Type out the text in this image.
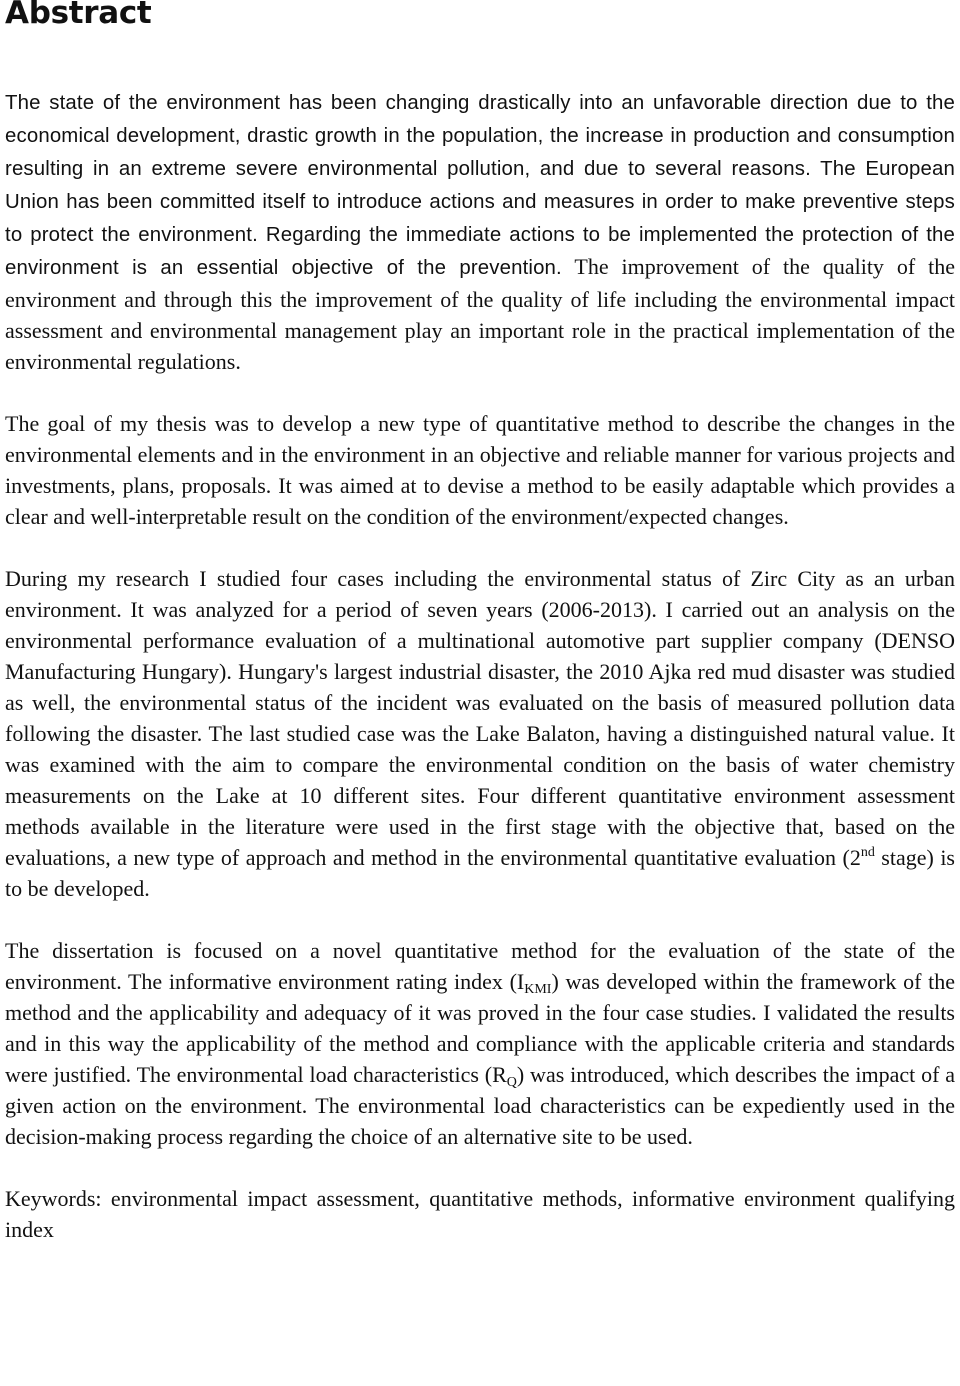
Abstract

The state of the environment has been changing drastically into an unfavorable direction due to the economical development, drastic growth in the population, the increase in production and consumption resulting in an extreme severe environmental pollution, and due to several reasons. The European Union has been committed itself to introduce actions and measures in order to make preventive steps to protect the environment. Regarding the immediate actions to be implemented the protection of the environment is an essential objective of the prevention. The improvement of the quality of the environment and through this the improvement of the quality of life including the environmental impact assessment and environmental management play an important role in the practical implementation of the environmental regulations.

The goal of my thesis was to develop a new type of quantitative method to describe the changes in the environmental elements and in the environment in an objective and reliable manner for various projects and investments, plans, proposals. It was aimed at to devise a method to be easily adaptable which provides a clear and well-interpretable result on the condition of the environment/expected changes.

During my research I studied four cases including the environmental status of Zirc City as an urban environment. It was analyzed for a period of seven years (2006-2013). I carried out an analysis on the environmental performance evaluation of a multinational automotive part supplier company (DENSO Manufacturing Hungary). Hungary's largest industrial disaster, the 2010 Ajka red mud disaster was studied as well, the environmental status of the incident was evaluated on the basis of measured pollution data following the disaster. The last studied case was the Lake Balaton, having a distinguished natural value. It was examined with the aim to compare the environmental condition on the basis of water chemistry measurements on the Lake at 10 different sites. Four different quantitative environment assessment methods available in the literature were used in the first stage with the objective that, based on the evaluations, a new type of approach and method in the environmental quantitative evaluation (2nd stage) is to be developed.

The dissertation is focused on a novel quantitative method for the evaluation of the state of the environment. The informative environment rating index $(I_{KMI})$ was developed within the framework of the method and the applicability and adequacy of it was proved in the four case studies. I validated the results and in this way the applicability of the method and compliance with the applicable criteria and standards were justified. The environmental load characteristics $(R_Q)$ was introduced, which describes the impact of a given action on the environment. The environmental load characteristics can be expediently used in the decision-making process regarding the choice of an alternative site to be used.

Keywords: environmental impact assessment, quantitative methods, informative environment qualifying index
